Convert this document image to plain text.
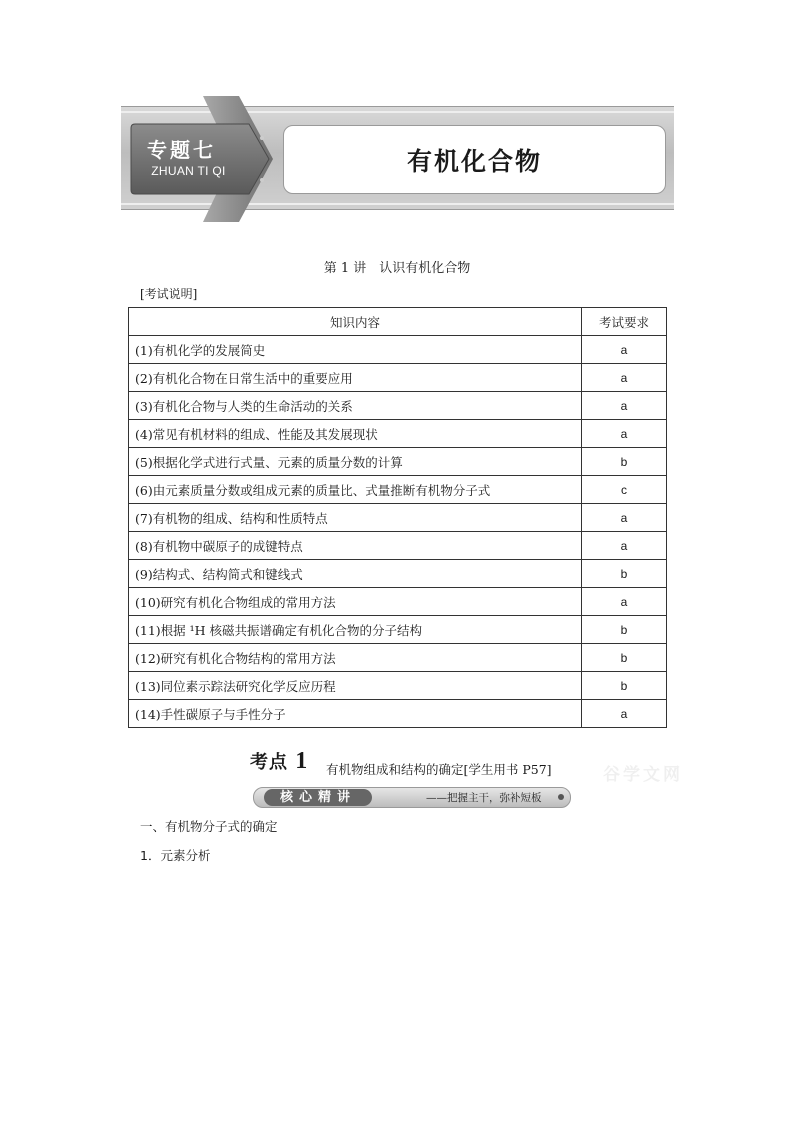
专题七
ZHUAN TI QI	有机化合物
第 1 讲　认识有机化合物
[考试说明]
知识内容	考试要求
(1)有机化学的发展简史	a
(2)有机化合物在日常生活中的重要应用	a
(3)有机化合物与人类的生命活动的关系	a
(4)常见有机材料的组成、性能及其发展现状	a
(5)根据化学式进行式量、元素的质量分数的计算	b
(6)由元素质量分数或组成元素的质量比、式量推断有机物分子式	c
(7)有机物的组成、结构和性质特点	a
(8)有机物中碳原子的成键特点	a
(9)结构式、结构简式和键线式	b
(10)研究有机化合物组成的常用方法	a
(11)根据 ¹H 核磁共振谱确定有机化合物的分子结构	b
(12)研究有机化合物结构的常用方法	b
(13)同位素示踪法研究化学反应历程	b
(14)手性碳原子与手性分子	a
考点 1 有机物组成和结构的确定[学生用书 P57]	谷学文网
核心精讲	——把握主干，弥补短板
一、有机物分子式的确定
1．元素分析
